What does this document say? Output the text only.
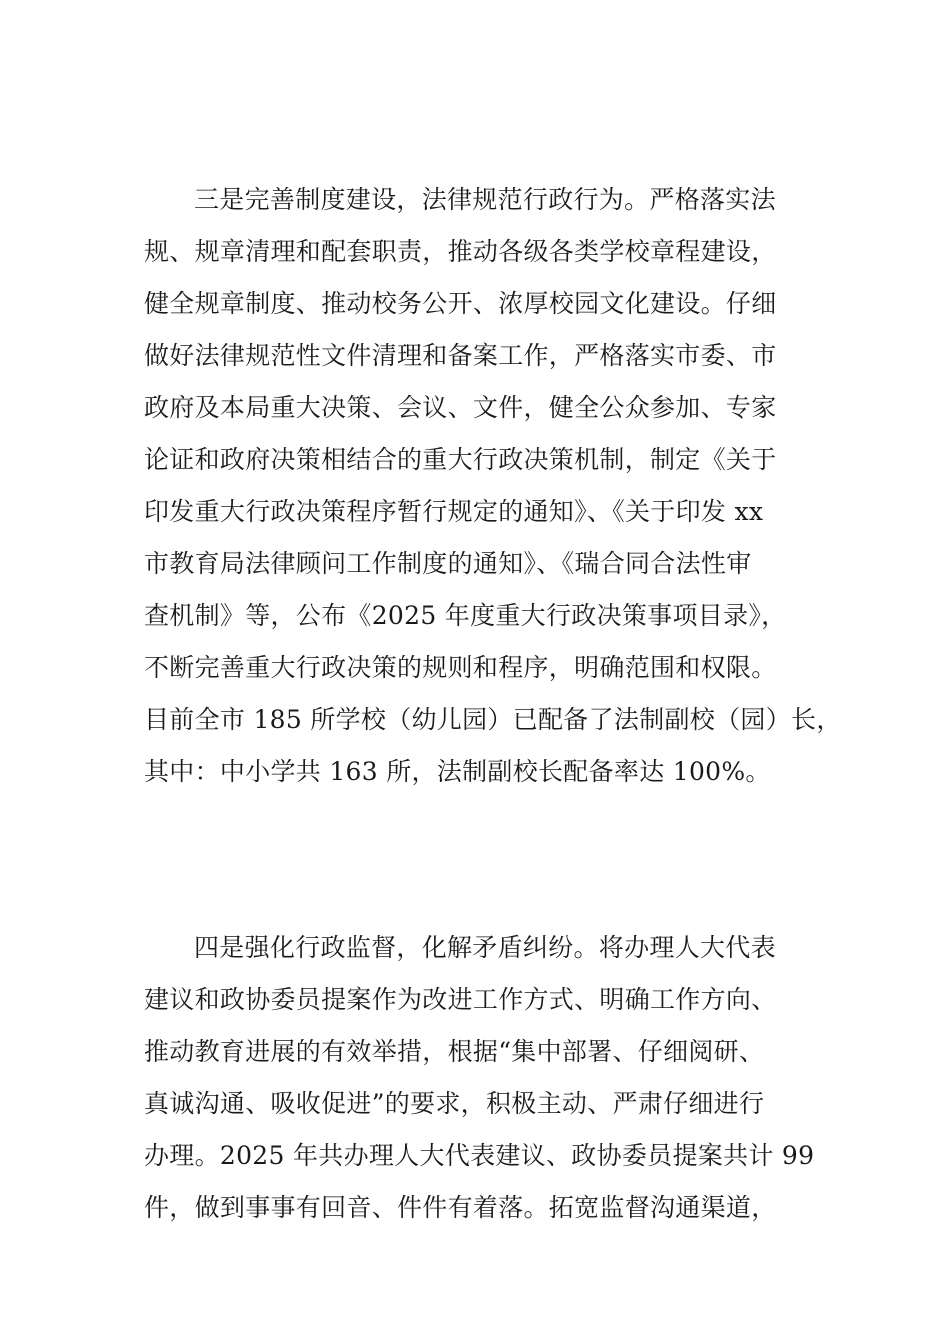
三是完善制度建设，法律规范行政行为。严格落实法
规、规章清理和配套职责，推动各级各类学校章程建设，
健全规章制度、推动校务公开、浓厚校园文化建设。仔细
做好法律规范性文件清理和备案工作，严格落实市委、市
政府及本局重大决策、会议、文件，健全公众参加、专家
论证和政府决策相结合的重大行政决策机制，制定《关于
印发重大行政决策程序暂行规定的通知》、《关于印发 xx
市教育局法律顾问工作制度的通知》、《瑞合同合法性审
查机制》等，公布《2025 年度重大行政决策事项目录》，
不断完善重大行政决策的规则和程序，明确范围和权限。
目前全市 185 所学校（幼儿园）已配备了法制副校（园）长，
其中：中小学共 163 所，法制副校长配备率达 100%。
四是强化行政监督，化解矛盾纠纷。将办理人大代表
建议和政协委员提案作为改进工作方式、明确工作方向、
推动教育进展的有效举措，根据“集中部署、仔细阅研、
真诚沟通、吸收促进”的要求，积极主动、严肃仔细进行
办理。2025 年共办理人大代表建议、政协委员提案共计 99
件，做到事事有回音、件件有着落。拓宽监督沟通渠道，
